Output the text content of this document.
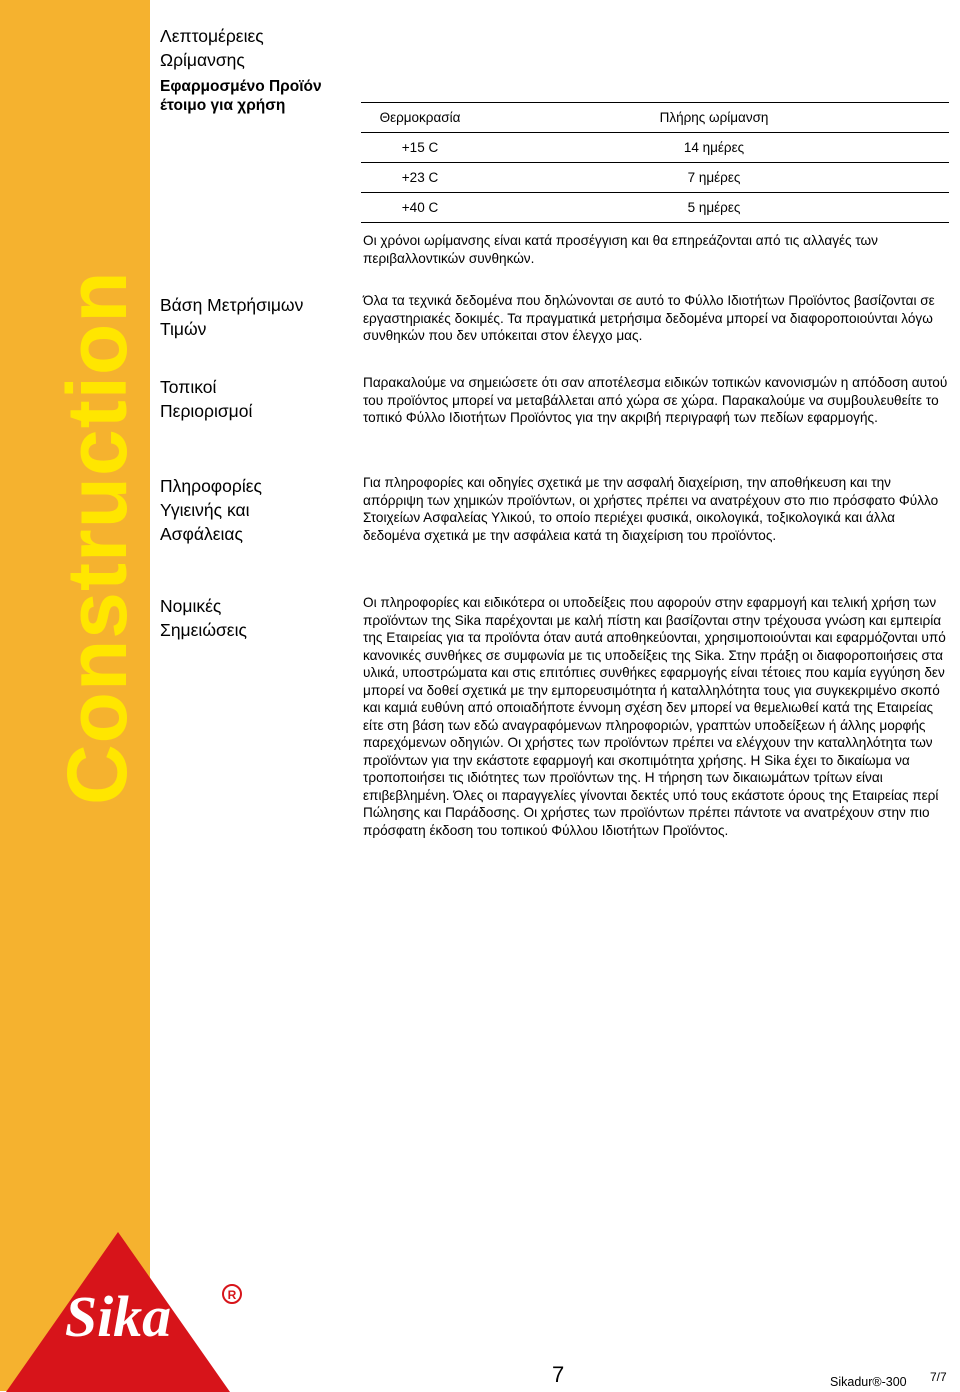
Construction
Sika	R
Λεπτομέρειες Ωρίμανσης
Εφαρμοσμένο Προϊόν έτοιμο για χρήση
Θερμοκρασία	Πλήρης ωρίμανση
+15 C	14 ημέρες
+23 C	7 ημέρες
+40 C	5 ημέρες
Οι χρόνοι ωρίμανσης είναι κατά προσέγγιση και θα επηρεάζονται από τις αλλαγές των περιβαλλοντικών συνθηκών.
Βάση Μετρήσιμων Τιμών
Όλα τα τεχνικά δεδομένα που δηλώνονται σε αυτό το Φύλλο Ιδιοτήτων Προϊόντος βασίζονται σε εργαστηριακές δοκιμές. Τα πραγματικά μετρήσιμα δεδομένα μπορεί να διαφοροποιούνται λόγω συνθηκών που δεν υπόκειται στον έλεγχο μας.
Τοπικοί Περιορισμοί
Παρακαλούμε να σημειώσετε ότι σαν αποτέλεσμα ειδικών τοπικών κανονισμών η απόδοση αυτού του προϊόντος μπορεί να μεταβάλλεται από χώρα σε χώρα. Παρακαλούμε να συμβουλευθείτε το τοπικό Φύλλο Ιδιοτήτων Προϊόντος για την ακριβή περιγραφή των πεδίων εφαρμογής.
Πληροφορίες Υγιεινής και Ασφάλειας
Για πληροφορίες και οδηγίες σχετικά με την ασφαλή διαχείριση, την αποθήκευση και την απόρριψη των χημικών προϊόντων, οι χρήστες πρέπει να ανατρέχουν στο πιο πρόσφατο Φύλλο Στοιχείων Ασφαλείας Υλικού, το οποίο περιέχει φυσικά, οικολογικά, τοξικολογικά και άλλα δεδομένα σχετικά με την ασφάλεια κατά τη διαχείριση του προϊόντος.
Νομικές Σημειώσεις
Οι πληροφορίες και ειδικότερα οι υποδείξεις που αφορούν στην εφαρμογή και τελική χρήση των προϊόντων της Sika παρέχονται με καλή πίστη και βασίζονται στην τρέχουσα γνώση και εμπειρία της Εταιρείας για τα προϊόντα όταν αυτά αποθηκεύονται, χρησιμοποιούνται και εφαρμόζονται υπό κανονικές συνθήκες σε συμφωνία με τις υποδείξεις της Sika. Στην πράξη οι διαφοροποιήσεις στα υλικά, υποστρώματα και στις επιτόπιες συνθήκες εφαρμογής είναι τέτοιες που καμία εγγύηση δεν μπορεί να δοθεί σχετικά με την εμπορευσιμότητα ή καταλληλότητα τους για συγκεκριμένο σκοπό και καμιά ευθύνη από οποιαδήποτε έννομη σχέση δεν μπορεί να θεμελιωθεί κατά της Εταιρείας είτε στη βάση των εδώ αναγραφόμενων πληροφοριών, γραπτών υποδείξεων ή άλλης μορφής παρεχόμενων οδηγιών. Οι χρήστες των προϊόντων πρέπει να ελέγχουν την καταλληλότητα των προϊόντων για την εκάστοτε εφαρμογή και σκοπιμότητα χρήσης. Η Sika έχει το δικαίωμα να τροποποιήσει τις ιδιότητες των προϊόντων της. Η τήρηση των δικαιωμάτων τρίτων είναι επιβεβλημένη. Όλες οι παραγγελίες γίνονται δεκτές υπό τους εκάστοτε όρους της Εταιρείας περί Πώλησης και Παράδοσης. Οι χρήστες των προϊόντων πρέπει πάντοτε να ανατρέχουν στην πιο πρόσφατη έκδοση του τοπικού Φύλλου Ιδιοτήτων Προϊόντος.
7	Sikadur®-300 7/7
